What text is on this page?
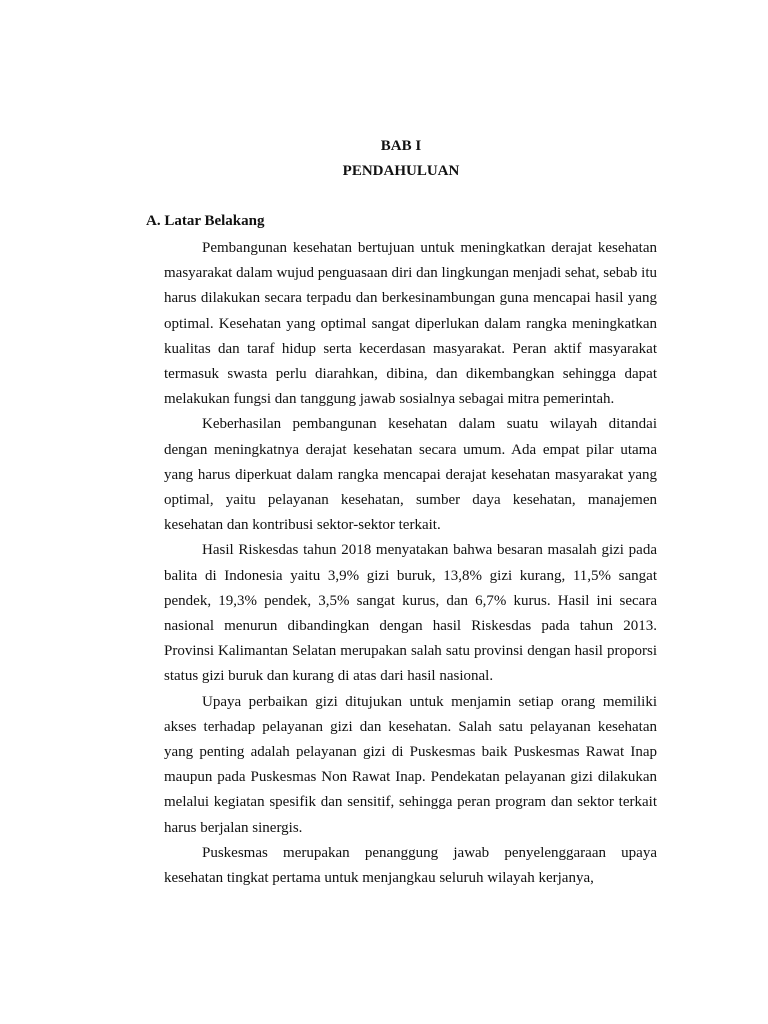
BAB I
PENDAHULUAN
A. Latar Belakang

Pembangunan kesehatan bertujuan untuk meningkatkan derajat kesehatan masyarakat dalam wujud penguasaan diri dan lingkungan menjadi sehat, sebab itu harus dilakukan secara terpadu dan berkesinambungan guna mencapai hasil yang optimal. Kesehatan yang optimal sangat diperlukan dalam rangka meningkatkan kualitas dan taraf hidup serta kecerdasan masyarakat. Peran aktif masyarakat termasuk swasta perlu diarahkan, dibina, dan dikembangkan sehingga dapat melakukan fungsi dan tanggung jawab sosialnya sebagai mitra pemerintah.

Keberhasilan pembangunan kesehatan dalam suatu wilayah ditandai dengan meningkatnya derajat kesehatan secara umum. Ada empat pilar utama yang harus diperkuat dalam rangka mencapai derajat kesehatan masyarakat yang optimal, yaitu pelayanan kesehatan, sumber daya kesehatan, manajemen kesehatan dan kontribusi sektor-sektor terkait.

Hasil Riskesdas tahun 2018 menyatakan bahwa besaran masalah gizi pada balita di Indonesia yaitu 3,9% gizi buruk, 13,8% gizi kurang, 11,5% sangat pendek, 19,3% pendek, 3,5% sangat kurus, dan 6,7% kurus. Hasil ini secara nasional menurun dibandingkan dengan hasil Riskesdas pada tahun 2013. Provinsi Kalimantan Selatan merupakan salah satu provinsi dengan hasil proporsi status gizi buruk dan kurang di atas dari hasil nasional.

Upaya perbaikan gizi ditujukan untuk menjamin setiap orang memiliki akses terhadap pelayanan gizi dan kesehatan. Salah satu pelayanan kesehatan yang penting adalah pelayanan gizi di Puskesmas baik Puskesmas Rawat Inap maupun pada Puskesmas Non Rawat Inap. Pendekatan pelayanan gizi dilakukan melalui kegiatan spesifik dan sensitif, sehingga peran program dan sektor terkait harus berjalan sinergis.

Puskesmas merupakan penanggung jawab penyelenggaraan upaya kesehatan tingkat pertama untuk menjangkau seluruh wilayah kerjanya,
